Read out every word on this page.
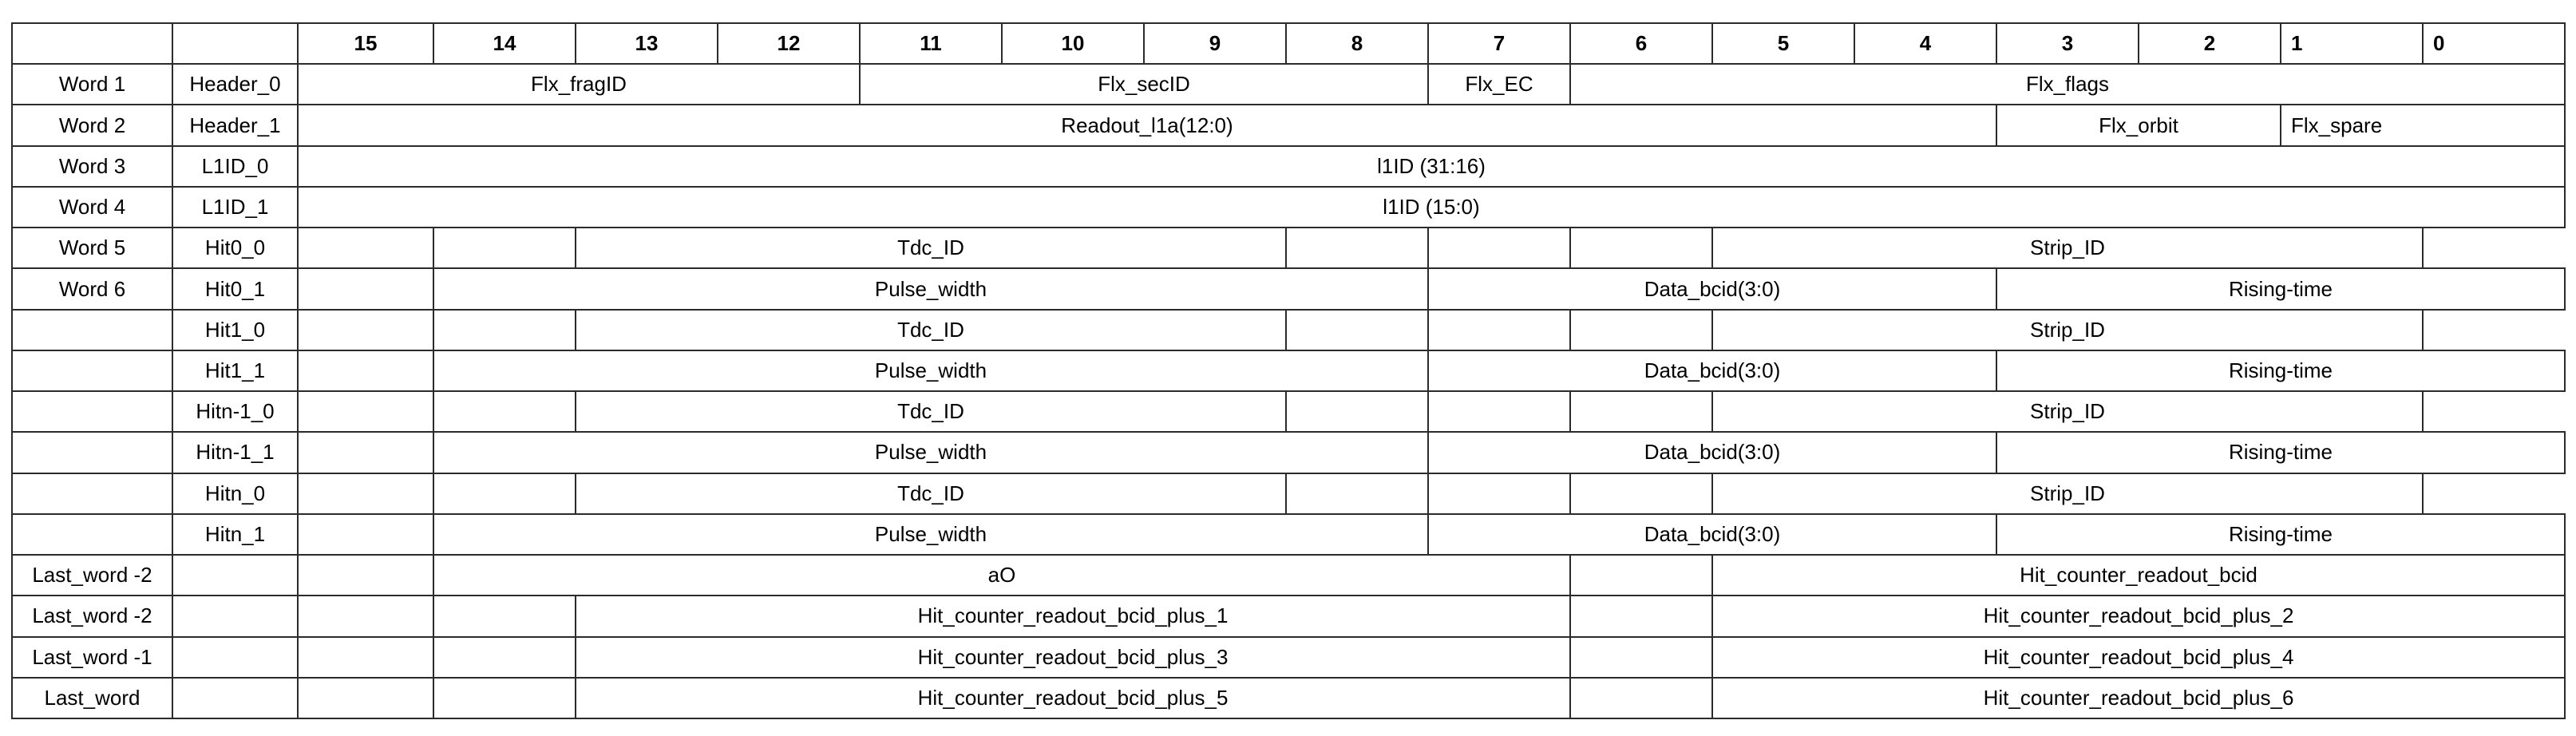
		15	14	13	12	11	10	9	8	7	6	5	4	3	2	1	0
Word 1	Header_0	Flx_fragID				Flx_secID				Flx_EC	Flx_flags						
Word 2	Header_1	Readout_l1a(12:0)												Flx_orbit		Flx_spare	
Word 3	L1ID_0	l1ID (31:16)															
Word 4	L1ID_1	l1ID (15:0)															
Word 5	Hit0_0			Tdc_ID								Strip_ID					
Word 6	Hit0_1		Pulse_width							Data_bcid(3:0)				Rising-time			
	Hit1_0			Tdc_ID								Strip_ID					
	Hit1_1		Pulse_width							Data_bcid(3:0)				Rising-time			
	Hitn-1_0			Tdc_ID								Strip_ID					
	Hitn-1_1		Pulse_width							Data_bcid(3:0)				Rising-time			
	Hitn_0			Tdc_ID								Strip_ID					
	Hitn_1		Pulse_width							Data_bcid(3:0)				Rising-time			
Last_word -2			aO									Hit_counter_readout_bcid					
Last_word -2				Hit_counter_readout_bcid_plus_1								Hit_counter_readout_bcid_plus_2					
Last_word -1				Hit_counter_readout_bcid_plus_3								Hit_counter_readout_bcid_plus_4					
Last_word				Hit_counter_readout_bcid_plus_5								Hit_counter_readout_bcid_plus_6					
